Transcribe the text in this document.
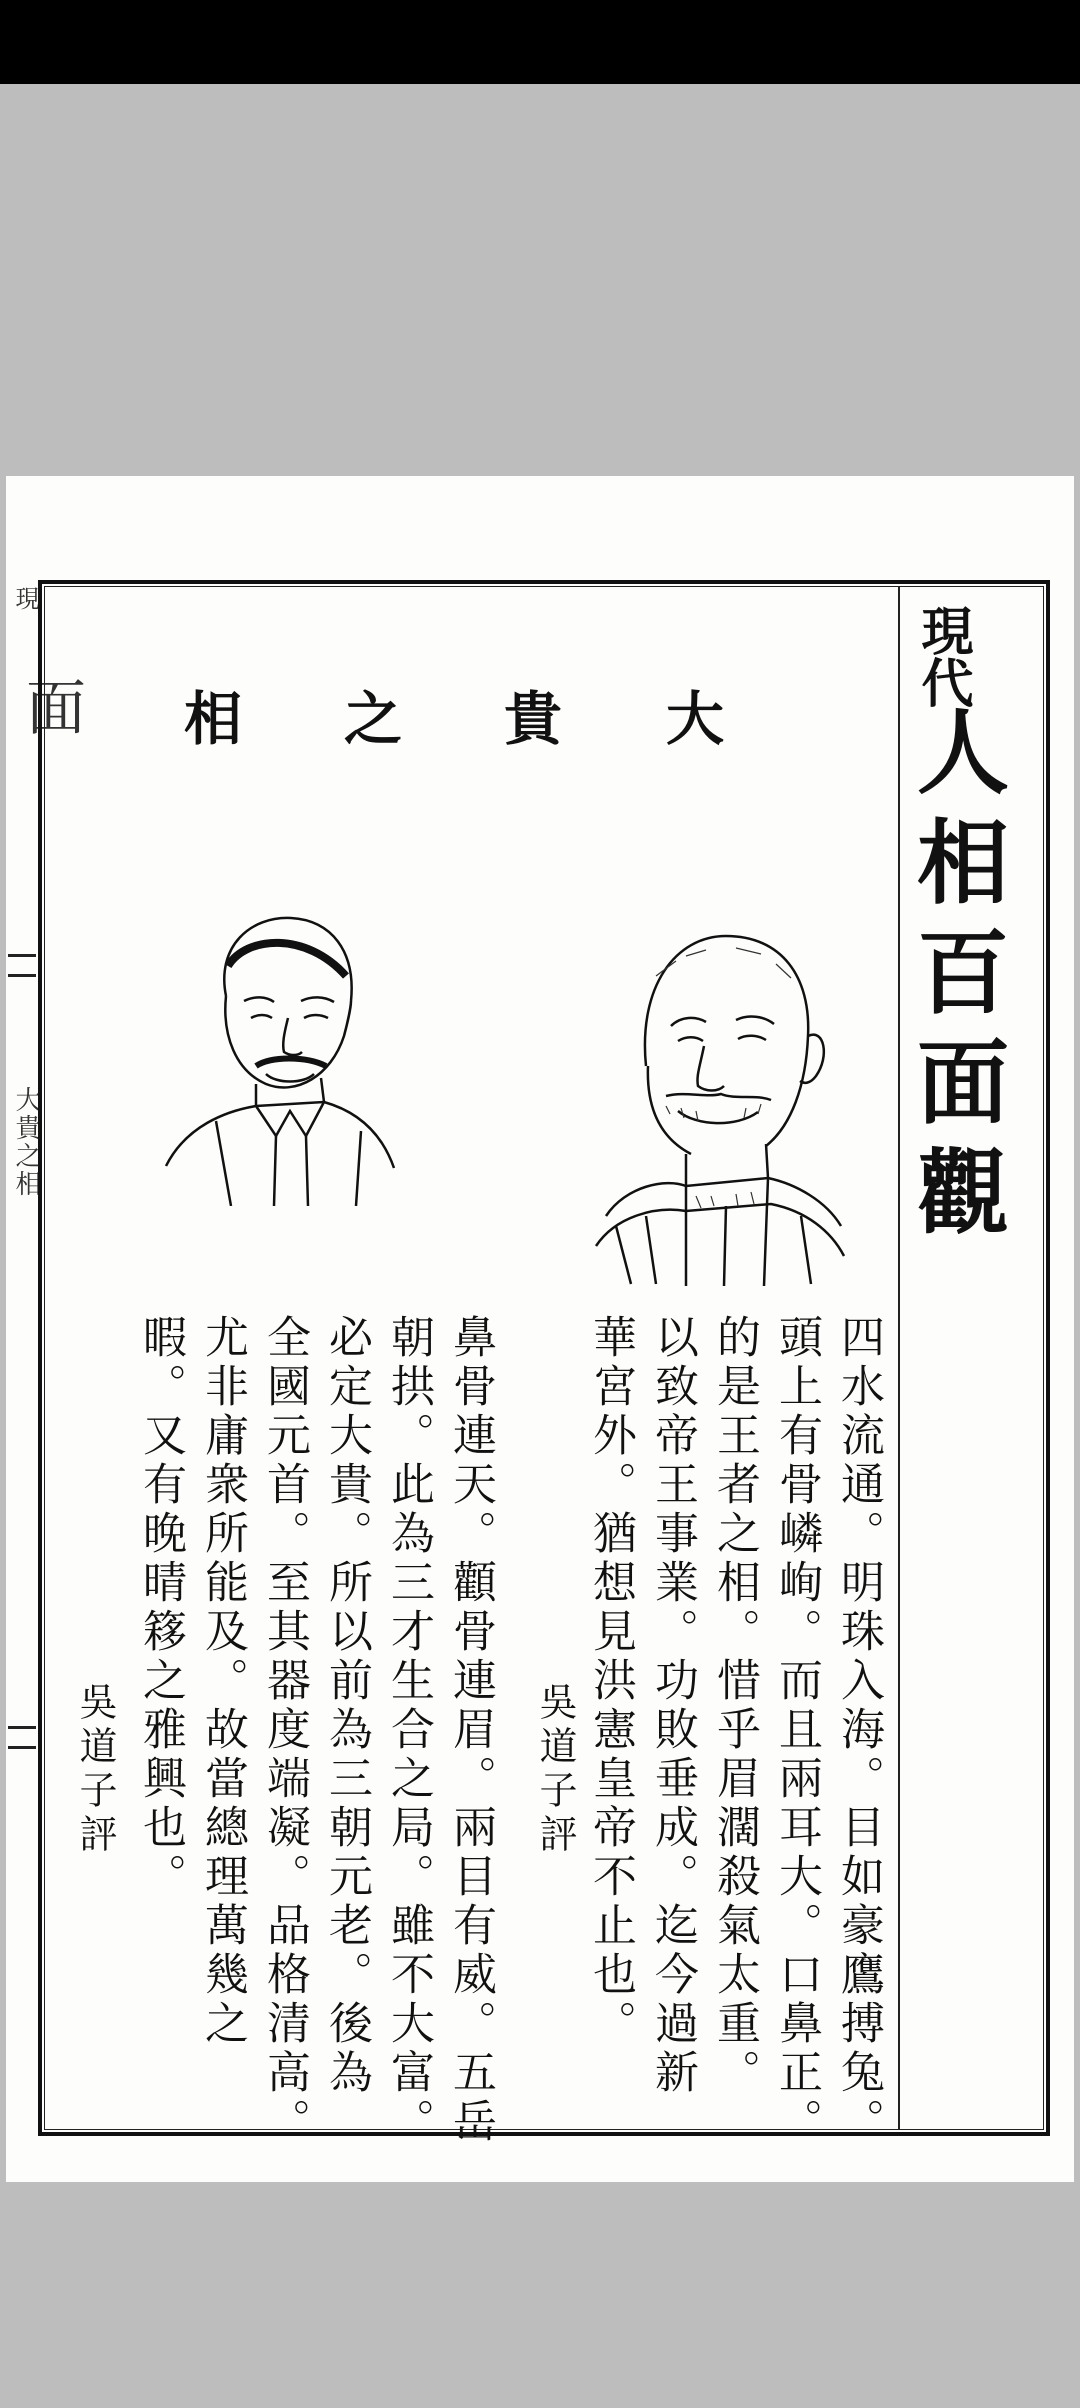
現
面
大貴之相
現代
人相百面觀
大
貴
之
相
四水流通。明珠入海。目如豪鷹搏兔。
頭上有骨嶙峋。而且兩耳大。口鼻正。
的是王者之相。惜乎眉濶殺氣太重。
以致帝王事業。功敗垂成。迄今過新
華宮外。猶想見洪憲皇帝不止也。
吳道子評
鼻骨連天。顴骨連眉。兩目有威。五岳
朝拱。此為三才生合之局。雖不大富。
必定大貴。所以前為三朝元老。後為
全國元首。至其器度端凝。品格清高。
尤非庸衆所能及。故當總理萬幾之
暇。又有晚晴簃之雅興也。
吳道子評
